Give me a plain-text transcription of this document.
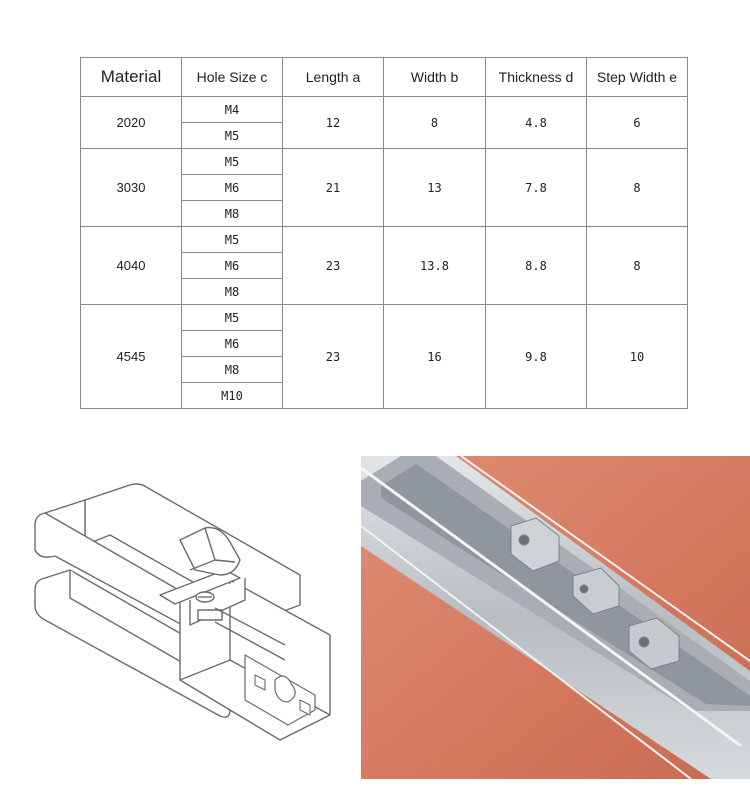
Material	Hole Size c	Length a	Width b	Thickness d	Step Width e
2020	M4	12	8	4.8	6
	M5				
3030	M5	21	13	7.8	8
	M6				
	M8				
4040	M5	23	13.8	8.8	8
	M6				
	M8				
4545	M5	23	16	9.8	10
	M6				
	M8				
	M10				
